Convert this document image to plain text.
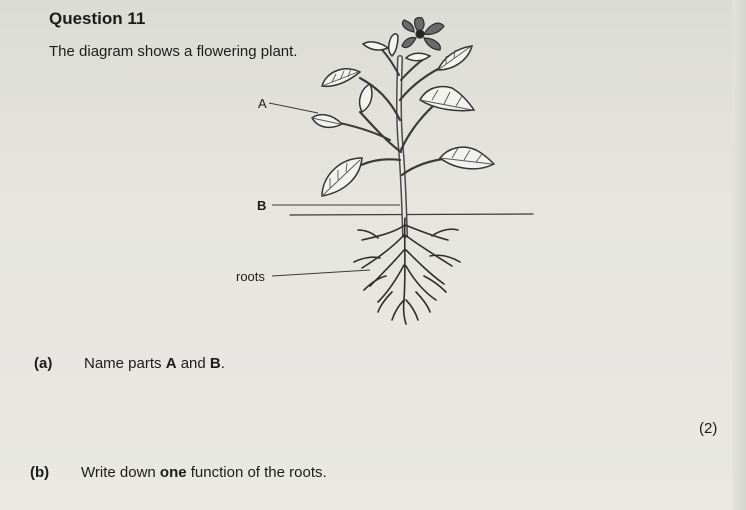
Question 11

The diagram shows a flowering plant.

A
B
roots
(a) Name parts A and B.

(2)
(b) Write down one function of the roots.
